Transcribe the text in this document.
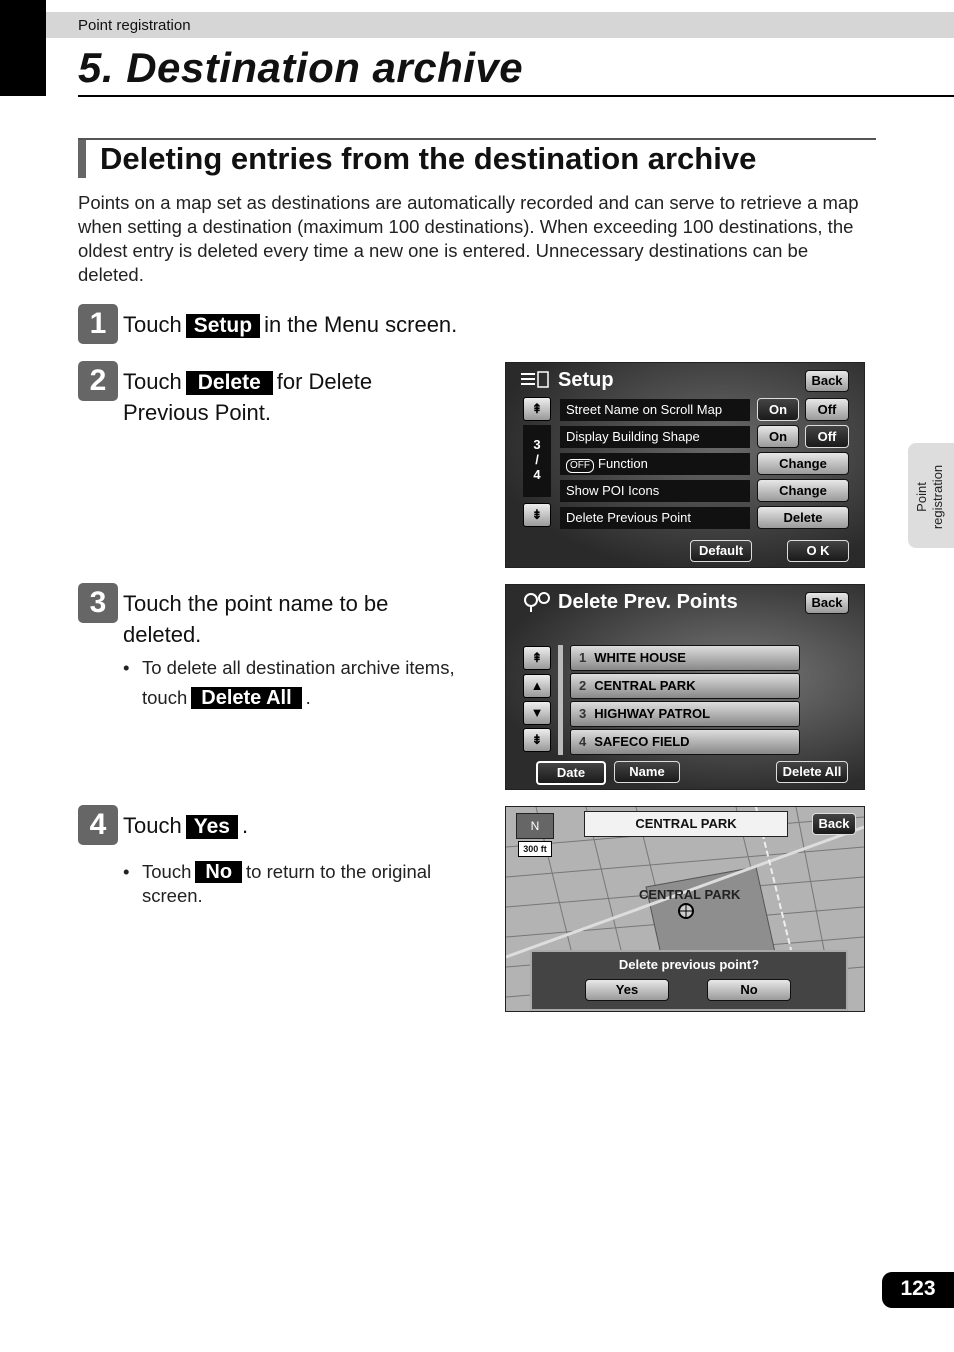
Point registration
5. Destination archive
Deleting entries from the destination archive
Points on a map set as destinations are automatically recorded and can serve to retrieve a map when setting a destination (maximum 100 destinations). When exceeding 100 destinations, the oldest entry is deleted every time a new one is entered. Unnecessary destinations can be deleted.
1 Touch Setup in the Menu screen.
2 Touch Delete for Delete
Previous Point.
3 Touch the point name to be
deleted.
• To delete all destination archive items,
touch Delete All .
4 Touch Yes .
• Touch No to return to the original
screen.
Setup	Back
⇞
3
/
4
⇟
Street Name on Scroll Map	On	Off
Display Building Shape	On	Off
OFF Function	Change
Show POI Icons	Change
Delete Previous Point	Delete
Default	O K
Delete Prev. Points	Back
⇞
▲
▼
⇟
1 WHITE HOUSE
2 CENTRAL PARK
3 HIGHWAY PATROL
4 SAFECO FIELD
Date	Name	Delete All
N
300 ft
CENTRAL PARK	Back
CENTRAL PARK
Delete previous point?
Yes	No
Point registration
123
